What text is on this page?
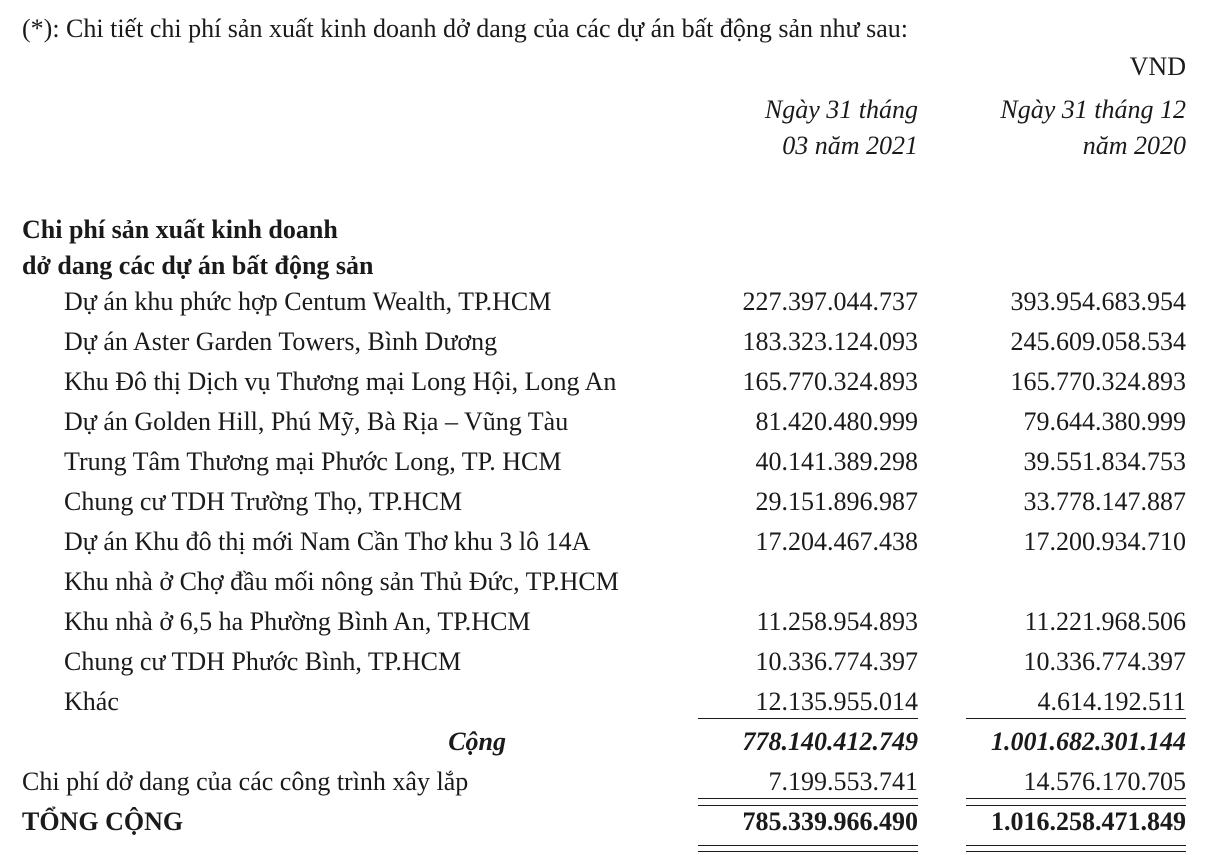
(*): Chi tiết chi phí sản xuất kinh doanh dở dang của các dự án bất động sản như sau:
VND
Ngày 31 tháng
03 năm 2021
Ngày 31 tháng 12
năm 2020
Chi phí sản xuất kinh doanh
dở dang các dự án bất động sản
Dự án khu phức hợp Centum Wealth, TP.HCM	227.397.044.737	393.954.683.954
Dự án Aster Garden Towers, Bình Dương	183.323.124.093	245.609.058.534
Khu Đô thị Dịch vụ Thương mại Long Hội, Long An	165.770.324.893	165.770.324.893
Dự án Golden Hill, Phú Mỹ, Bà Rịa – Vũng Tàu	81.420.480.999	79.644.380.999
Trung Tâm Thương mại Phước Long, TP. HCM	40.141.389.298	39.551.834.753
Chung cư TDH Trường Thọ, TP.HCM	29.151.896.987	33.778.147.887
Dự án Khu đô thị mới Nam Cần Thơ khu 3 lô 14A	17.204.467.438	17.200.934.710
Khu nhà ở Chợ đầu mối nông sản Thủ Đức, TP.HCM
Khu nhà ở 6,5 ha Phường Bình An, TP.HCM	11.258.954.893	11.221.968.506
Chung cư TDH Phước Bình, TP.HCM	10.336.774.397	10.336.774.397
Khác	12.135.955.014	4.614.192.511
Cộng	778.140.412.749	1.001.682.301.144
Chi phí dở dang của các công trình xây lắp	7.199.553.741	14.576.170.705
TỔNG CỘNG	785.339.966.490	1.016.258.471.849
